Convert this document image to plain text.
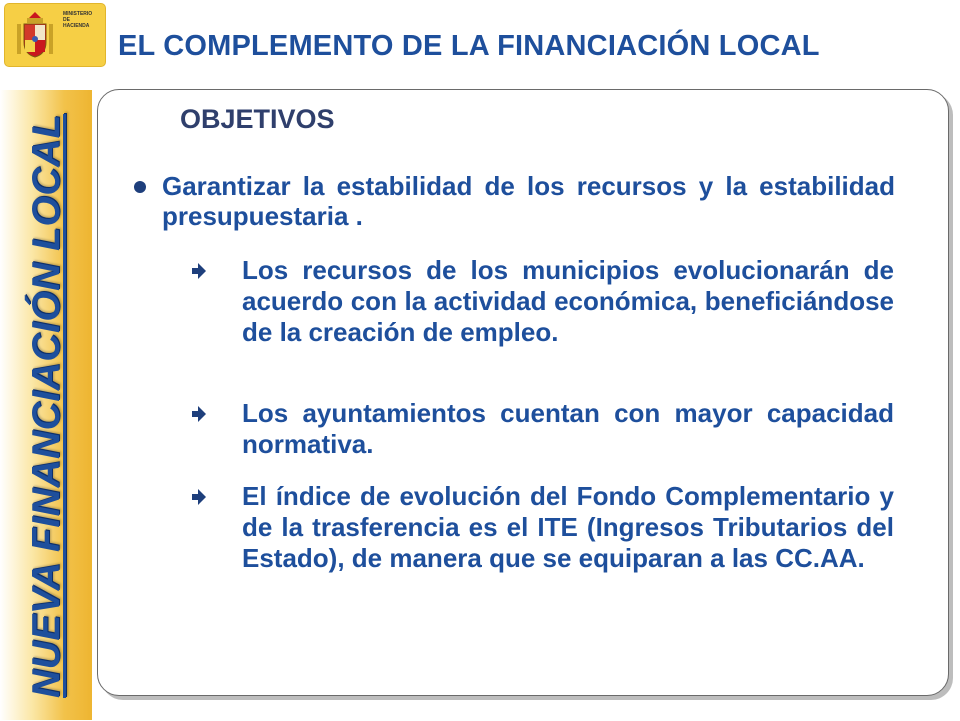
NUEVA FINANCIACIÓN LOCAL
MINISTERIO
DE
HACIENDA
EL COMPLEMENTO DE LA FINANCIACIÓN LOCAL
OBJETIVOS
Garantizar la estabilidad de los recursos y la estabilidad presupuestaria .
Los recursos de los municipios evolucionarán de acuerdo con la actividad económica, beneficiándose de la creación de empleo.
Los ayuntamientos cuentan con mayor capacidad normativa.
El índice de evolución del Fondo Complementario y de la trasferencia es el ITE (Ingresos Tributarios del Estado), de manera que se equiparan a las CC.AA.
